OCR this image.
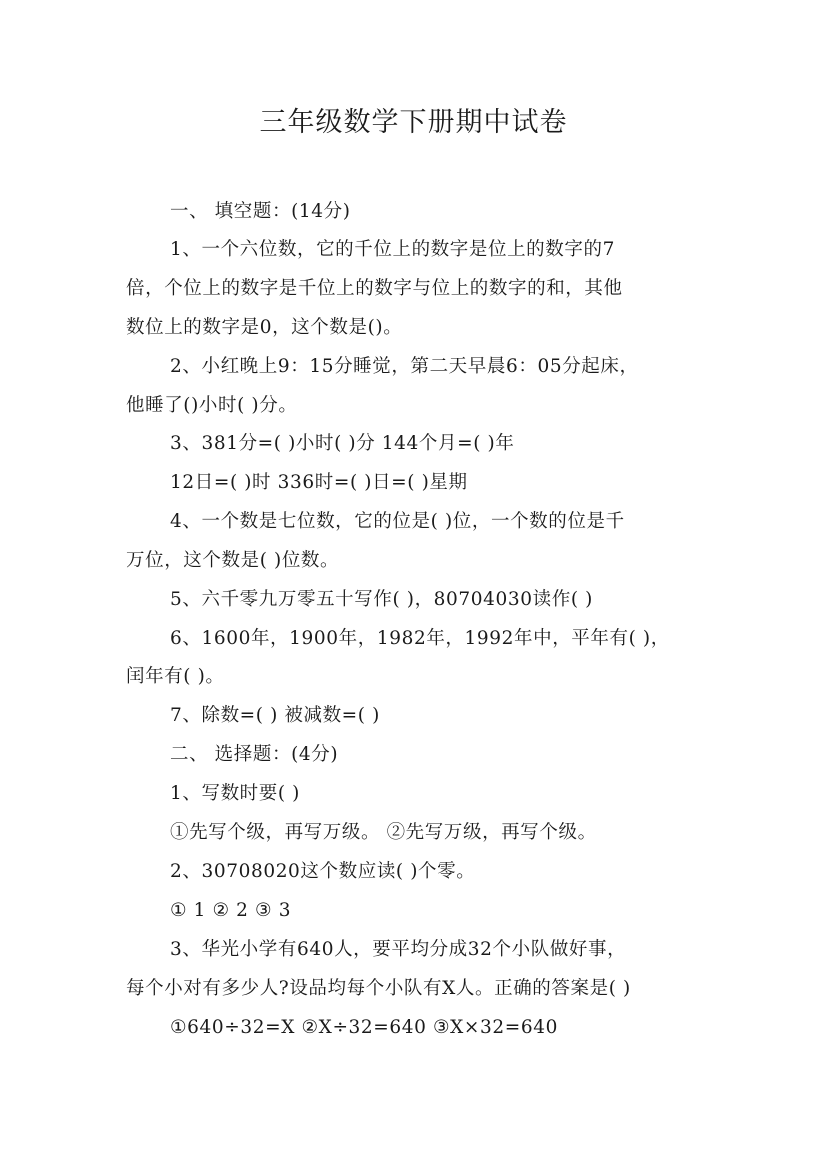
三年级数学下册期中试卷
一、 填空题：(14分)
1、一个六位数，它的千位上的数字是位上的数字的7
倍，个位上的数字是千位上的数字与位上的数字的和，其他
数位上的数字是0，这个数是()。
2、小红晚上9：15分睡觉，第二天早晨6：05分起床，
他睡了()小时( )分。
3、381分=( )小时( )分 144个月=( )年
12日=( )时 336时=( )日=( )星期
4、一个数是七位数，它的位是( )位，一个数的位是千
万位，这个数是( )位数。
5、六千零九万零五十写作( )，80704030读作( )
6、1600年，1900年，1982年，1992年中，平年有( )，
闰年有( )。
7、除数=( ) 被减数=( )
二、 选择题：(4分)
1、写数时要( )
①先写个级，再写万级。 ②先写万级，再写个级。
2、30708020这个数应读( )个零。
① 1 ② 2 ③ 3
3、华光小学有640人，要平均分成32个小队做好事，
每个小对有多少人?设品均每个小队有X人。正确的答案是( )
①640÷32=X ②X÷32=640 ③X×32=640
